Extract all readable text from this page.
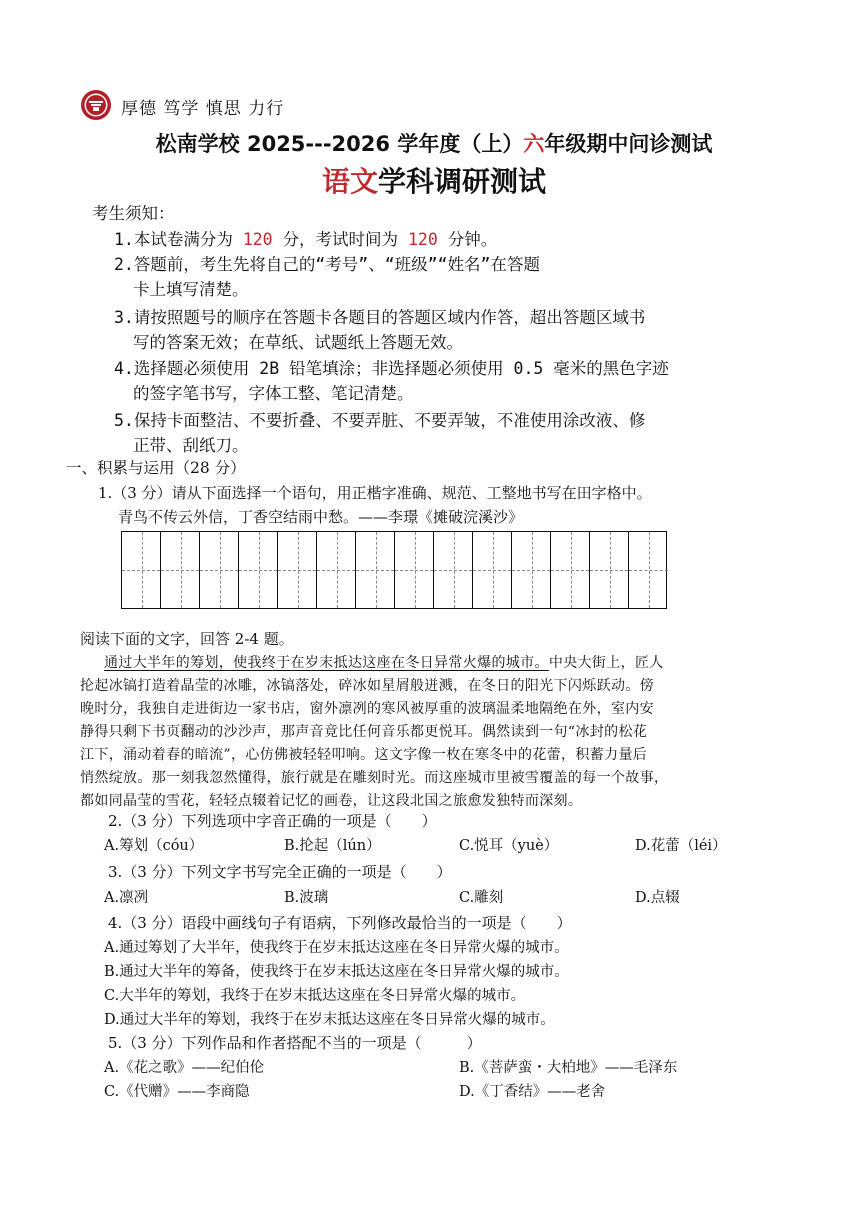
厚德 笃学 慎思 力行
松南学校 2025---2026 学年度（上）六年级期中问诊测试
语文学科调研测试
考生须知：
1.本试卷满分为 120 分，考试时间为 120 分钟。
2.答题前，考生先将自己的“考号”、“班级”“姓名”在答题
卡上填写清楚。
3.请按照题号的顺序在答题卡各题目的答题区域内作答，超出答题区域书
写的答案无效；在草纸、试题纸上答题无效。
4.选择题必须使用 2B 铅笔填涂；非选择题必须使用 0.5 毫米的黑色字迹
的签字笔书写，字体工整、笔记清楚。
5.保持卡面整洁、不要折叠、不要弄脏、不要弄皱，不准使用涂改液、修
正带、刮纸刀。
一、积累与运用（28 分）
1.（3 分）请从下面选择一个语句，用正楷字准确、规范、工整地书写在田字格中。
青鸟不传云外信，丁香空结雨中愁。——李璟《摊破浣溪沙》
阅读下面的文字，回答 2-4 题。
通过大半年的筹划，使我终于在岁末抵达这座在冬日异常火爆的城市。中央大街上，匠人
抡起冰镐打造着晶莹的冰雕，冰镐落处，碎冰如星屑般迸溅，在冬日的阳光下闪烁跃动。傍
晚时分，我独自走进街边一家书店，窗外凛冽的寒风被厚重的波璃温柔地隔绝在外，室内安
静得只剩下书页翻动的沙沙声，那声音竟比任何音乐都更悦耳。偶然读到一句“冰封的松花
江下，涌动着春的暗流”，心仿佛被轻轻叩响。这文字像一枚在寒冬中的花蕾，积蓄力量后
悄然绽放。那一刻我忽然懂得，旅行就是在雕刻时光。而这座城市里被雪覆盖的每一个故事，
都如同晶莹的雪花，轻轻点辍着记忆的画卷，让这段北国之旅愈发独特而深刻。
2.（3 分）下列选项中字音正确的一项是（　　）
A.筹划（cóu）	B.抡起（lún）	C.悦耳（yuè）	D.花蕾（léi）
3.（3 分）下列文字书写完全正确的一项是（　　）
A.凛冽	B.波璃	C.雕刻	D.点辍
4.（3 分）语段中画线句子有语病，下列修改最恰当的一项是（　　）
A.通过筹划了大半年，使我终于在岁末抵达这座在冬日异常火爆的城市。
B.通过大半年的筹备，使我终于在岁末抵达这座在冬日异常火爆的城市。
C.大半年的筹划，我终于在岁末抵达这座在冬日异常火爆的城市。
D.通过大半年的筹划，我终于在岁末抵达这座在冬日异常火爆的城市。
5.（3 分）下列作品和作者搭配不当的一项是（　　　）
A.《花之歌》——纪伯伦	B.《菩萨蛮・大柏地》——毛泽东
C.《代赠》——李商隐	D.《丁香结》——老舍
